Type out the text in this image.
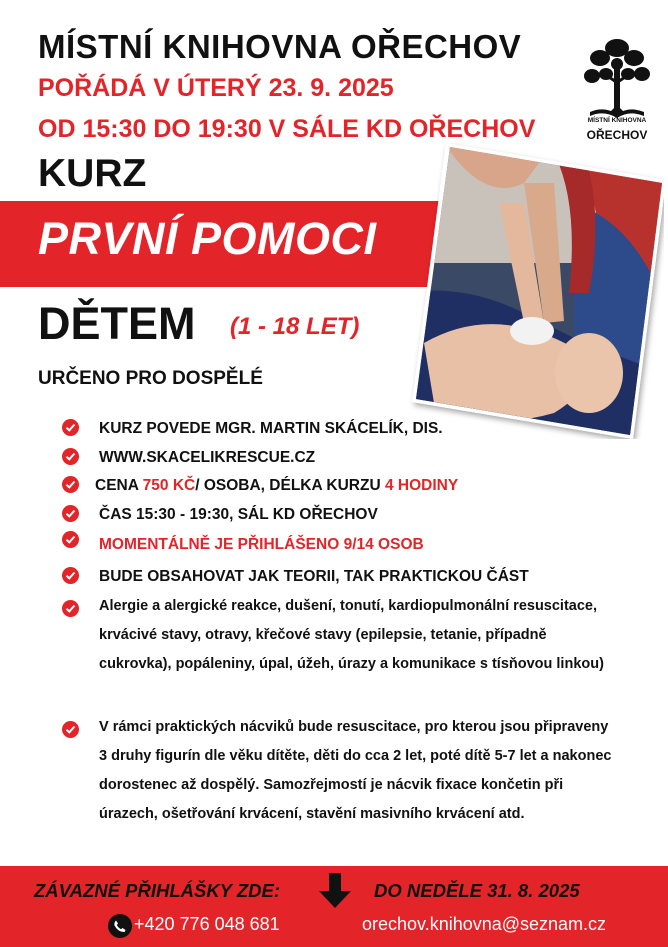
MÍSTNÍ KNIHOVNA OŘECHOV
POŘÁDÁ V ÚTERÝ 23. 9. 2025
OD 15:30 DO 19:30 V SÁLE KD OŘECHOV	MÍSTNÍ KNIHOVNA
OŘECHOV
KURZ
PRVNÍ POMOCI
DĚTEM (1 - 18 LET)
URČENO PRO DOSPĚLÉ
KURZ POVEDE MGR. MARTIN SKÁCELÍK, DIS.
WWW.SKACELIKRESCUE.CZ
CENA 750 KČ/ OSOBA, DÉLKA KURZU 4 HODINY
ČAS 15:30 - 19:30, SÁL KD OŘECHOV
MOMENTÁLNĚ JE PŘIHLÁŠENO 9/14 OSOB
BUDE OBSAHOVAT JAK TEORII, TAK PRAKTICKOU ČÁST
Alergie a alergické reakce, dušení, tonutí, kardiopulmonální resuscitace, krvácivé stavy, otravy, křečové stavy (epilepsie, tetanie, případně cukrovka), popáleniny, úpal, úžeh, úrazy a komunikace s tísňovou linkou)
V rámci praktických nácviků bude resuscitace, pro kterou jsou připraveny 3 druhy figurín dle věku dítěte, děti do cca 2 let, poté dítě 5-7 let a nakonec dorostenec až dospělý. Samozřejmostí je nácvik fixace končetin při úrazech, ošetřování krvácení, stavění masivního krvácení atd.
ZÁVAZNÉ PŘIHLÁŠKY ZDE:	DO NEDĚLE 31. 8. 2025
+420 776 048 681	orechov.knihovna@seznam.cz
